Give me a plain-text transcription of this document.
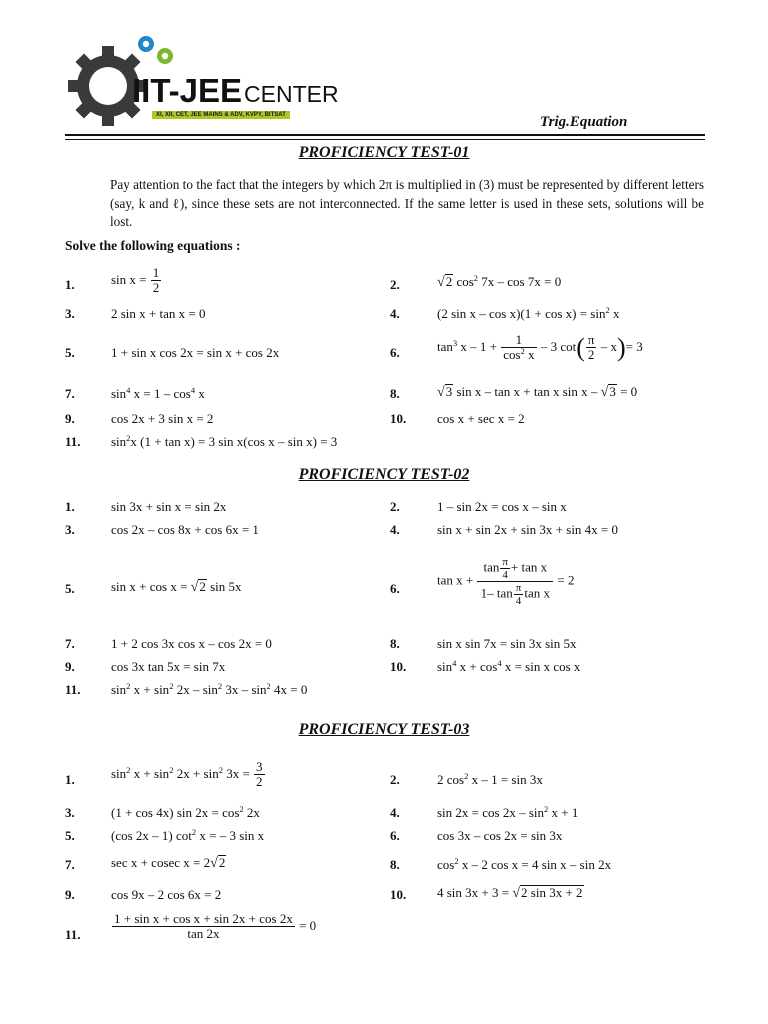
IIT-JEECENTER
XI, XII, CET, JEE MAINS & ADV, KVPY, BITSAT	Trig.Equation
PROFICIENCY TEST-01
Pay attention to the fact that the integers by which 2π is multiplied in (3) must be represented by different letters (say, k and ℓ), since these sets are not interconnected. If the same letter is used in these sets, solutions will be lost.
Solve the following equations :
1.	$\sin x = \frac{1}{2}$	2.	√2 $\cos^2 7x - \cos 7x = 0$
3.	2 sin x + tan x = 0	4.	(2 $\sin x - \cos x)(1 + \cos x) = \sin^2 x$
5.	1 + sin x cos 2x = sin x + cos 2x	6.	$\tan^3 x - 1 + \frac{1}{\cos^2 x} - 3$ $\cot( \frac{\pi}{2} - x)= 3$
7.	$\sin^4 x = 1 - \cos^4 x$	8.	√3 sin x – tan x + tan x sin x – √3 = 0
9.	cos 2x + 3 sin x = 2	10. cos x + sec x = 2
11. $\sin^2x$ (1 + tan x) = 3 sin x(cos x – sin x) = 3
PROFICIENCY TEST-02
1.	sin 3x + sin x = sin 2x	2.	1 – sin 2x = cos x – sin x
3.	cos 2x – cos 8x + cos 6x = 1	4.	sin x + sin 2x + sin 3x + sin 4x = 0
5.	sin x + cos x = √2 sin 5x	6.
$\tan x + \frac{\tan \frac{\pi}{4} + \tan x}{1- \tan \frac{\pi}{4} \tan x} = 2$
7.	1 + 2 cos 3x cos x – cos 2x = 0	8.	sin x sin 7x = sin 3x sin 5x
9.	cos 3x tan 5x = sin 7x	10. $\sin^4 x + \cos^4 x = \sin x$ cos x
11. $\sin^2 x + \sin^2 2x - \sin^2 3x - \sin^2 4x = 0$
PROFICIENCY TEST-03
1.	$\sin^2 x + \sin^2 2x + \sin^2 3x = \frac{3}{2}$	2.	2 $\cos^2 x - 1 = \sin 3x$
3.	(1 + cos 4x) $\sin 2x = \cos^2 2x$	4.	$\sin 2x = \cos 2x - \sin^2 x + 1$
5.	(cos 2x – 1) $\cot^2 x$ = – 3 sin x	6.	cos 3x – cos 2x = sin 3x
7.	sec x + cosec x = 2√2	8.	$\cos^2 x - 2$ cos x = 4 sin x – sin 2x
9.	cos 9x – 2 cos 6x = 2	10. 4 sin 3x + 3 = √2 sin 3x + 2
11. $\frac{\text{1 + sin x + cos x + sin 2x + cos 2x}}{\tan 2x} = 0$
